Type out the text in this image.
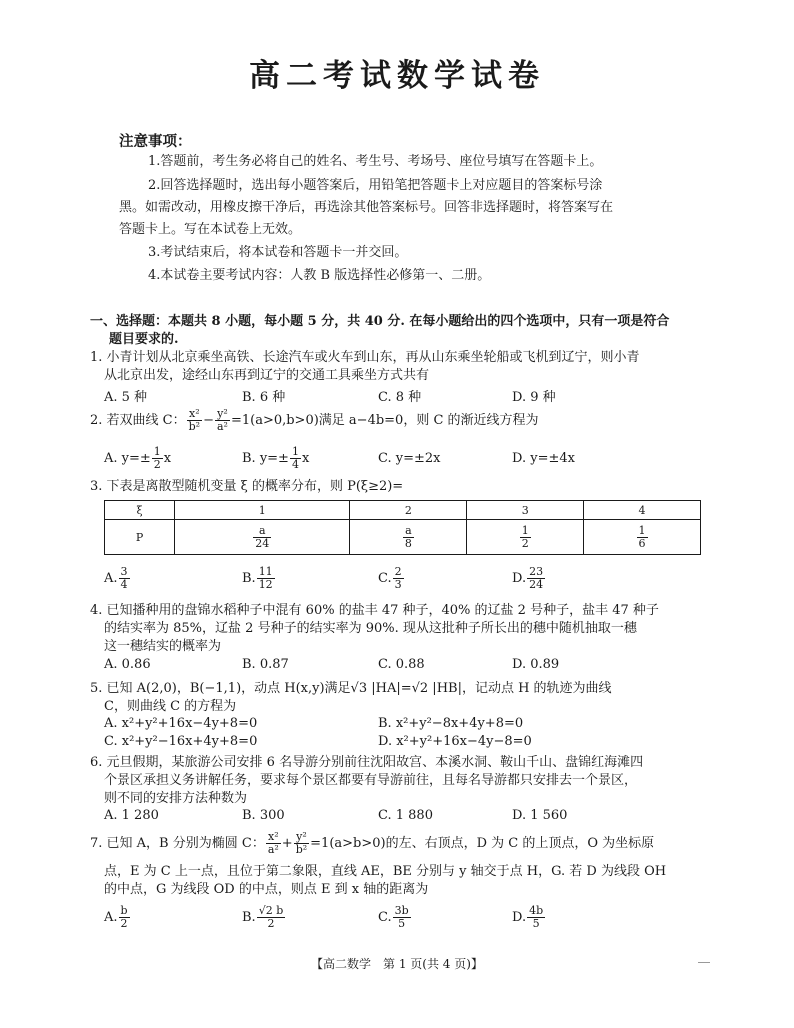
高二考试数学试卷
注意事项：
1.答题前，考生务必将自己的姓名、考生号、考场号、座位号填写在答题卡上。
2.回答选择题时，选出每小题答案后，用铅笔把答题卡上对应题目的答案标号涂
黑。如需改动，用橡皮擦干净后，再选涂其他答案标号。回答非选择题时，将答案写在
答题卡上。写在本试卷上无效。
3.考试结束后，将本试卷和答题卡一并交回。
4.本试卷主要考试内容：人教 B 版选择性必修第一、二册。
一、选择题：本题共 8 小题，每小题 5 分，共 40 分. 在每小题给出的四个选项中，只有一项是符合
题目要求的.
1. 小青计划从北京乘坐高铁、长途汽车或火车到山东，再从山东乘坐轮船或飞机到辽宁，则小青
从北京出发，途经山东再到辽宁的交通工具乘坐方式共有
A. 5 种	B. 6 种	C. 8 种	D. 9 种
2. 若双曲线 C： $\frac{\text{x²}}{\text{b²}} - \frac{\text{y²}}{\text{a²}} =1(a>0,b>0)$满足 a−4b=0，则 C 的渐近线方程为
A. $y=\pm \frac{1}{2}$ x	B. $y=\pm \frac{1}{4}$ x	C. y=±2x	D. y=±4x
3. 下表是离散型随机变量 ξ 的概率分布，则 P(ξ≥2)=
ξ	1	2	3	4
P	$\frac{a}{24}$	$\frac{a}{8}$	$\frac{1}{2}$	$\frac{1}{6}$
A. $\frac{3}{4}$	B. $\frac{11}{12}$	C. $\frac{2}{3}$	D. $\frac{23}{24}$
4. 已知播种用的盘锦水稻种子中混有 60% 的盐丰 47 种子，40% 的辽盐 2 号种子，盐丰 47 种子
的结实率为 85%，辽盐 2 号种子的结实率为 90%. 现从这批种子所长出的穗中随机抽取一穗
这一穗结实的概率为
A. 0.86	B. 0.87	C. 0.88	D. 0.89
5. 已知 A(2,0)，B(−1,1)，动点 H(x,y)满足√3 |HA|=√2 |HB|，记动点 H 的轨迹为曲线
C，则曲线 C 的方程为
A. x²+y²+16x−4y+8=0	B. x²+y²−8x+4y+8=0
C. x²+y²−16x+4y+8=0	D. x²+y²+16x−4y−8=0
6. 元旦假期，某旅游公司安排 6 名导游分别前往沈阳故宫、本溪水洞、鞍山千山、盘锦红海滩四
个景区承担义务讲解任务，要求每个景区都要有导游前往，且每名导游都只安排去一个景区，
则不同的安排方法种数为
A. 1 280	B. 300	C. 1 880	D. 1 560
7. 已知 A，B 分别为椭圆 C： $\frac{\text{x²}}{\text{a²}} + \frac{\text{y²}}{\text{b²}} =1(a>b>0)$的左、右顶点，D 为 C 的上顶点，O 为坐标原
点，E 为 C 上一点，且位于第二象限，直线 AE，BE 分别与 y 轴交于点 H，G. 若 D 为线段 OH
的中点，G 为线段 OD 的中点，则点 E 到 x 轴的距离为
A. $\frac{b}{2}$	B. $\frac{√2 b}{2}$	C. $\frac{3b}{5}$	D. $\frac{4b}{5}$
【高二数学　第 1 页(共 4 页)】
